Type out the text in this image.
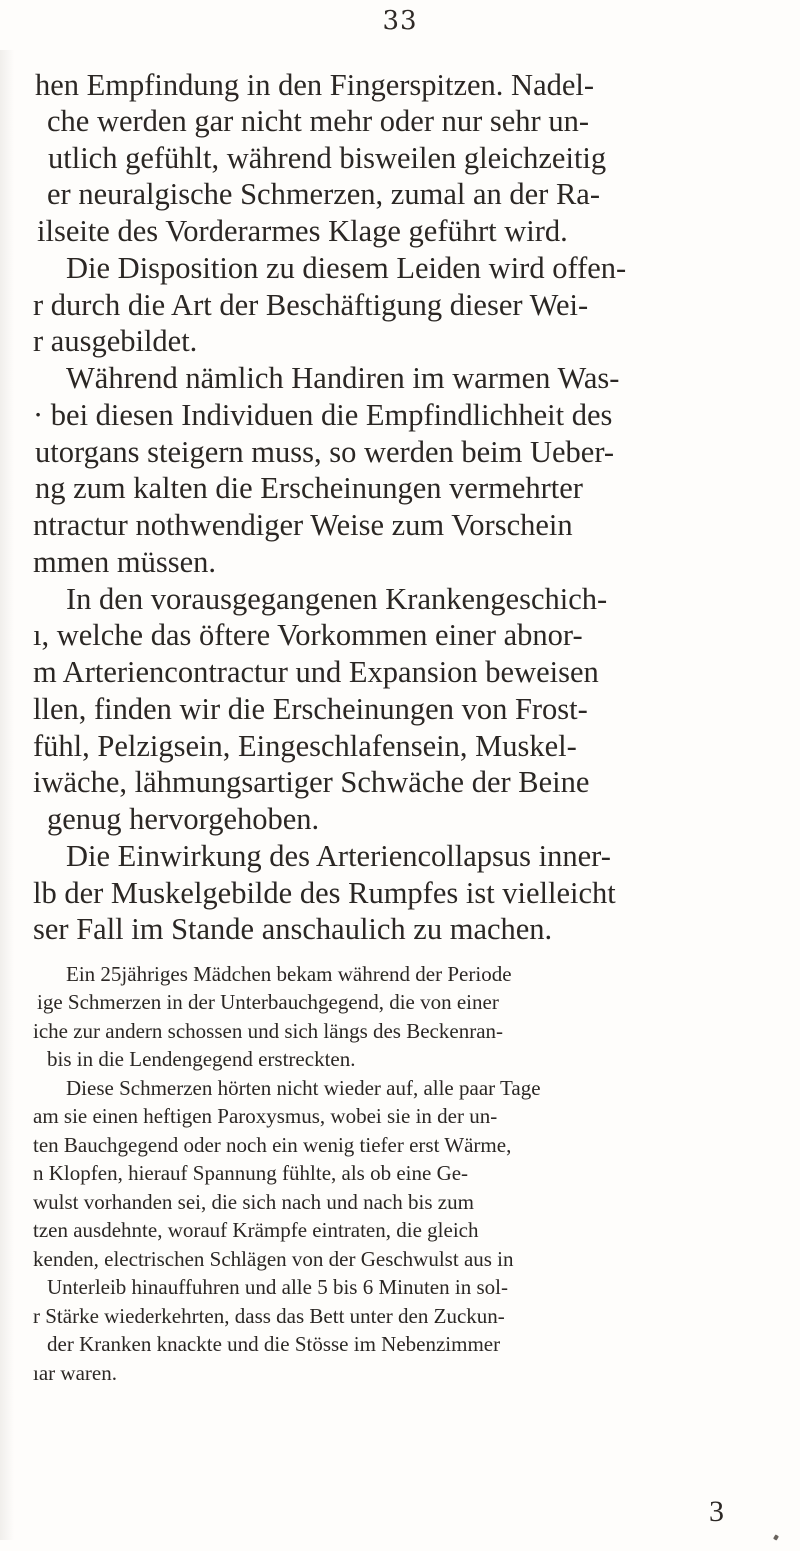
33
hen Empfindung in den Fingerspitzen. Nadel-
che werden gar nicht mehr oder nur sehr un-
utlich gefühlt, während bisweilen gleichzeitig
er neuralgische Schmerzen, zumal an der Ra-
ilseite des Vorderarmes Klage geführt wird.
Die Disposition zu diesem Leiden wird offen-
r durch die Art der Beschäftigung dieser Wei-
r ausgebildet.
Während nämlich Handiren im warmen Was-
· bei diesen Individuen die Empfindlichheit des
utorgans steigern muss, so werden beim Ueber-
ng zum kalten die Erscheinungen vermehrter
ntractur nothwendiger Weise zum Vorschein
mmen müssen.
In den vorausgegangenen Krankengeschich-
ı, welche das öftere Vorkommen einer abnor-
m Arteriencontractur und Expansion beweisen
llen, finden wir die Erscheinungen von Frost-
fühl, Pelzigsein, Eingeschlafensein, Muskel-
iwäche, lähmungsartiger Schwäche der Beine
genug hervorgehoben.
Die Einwirkung des Arteriencollapsus inner-
lb der Muskelgebilde des Rumpfes ist vielleicht
ser Fall im Stande anschaulich zu machen.
Ein 25jähriges Mädchen bekam während der Periode
ige Schmerzen in der Unterbauchgegend, die von einer
iche zur andern schossen und sich längs des Beckenran-
bis in die Lendengegend erstreckten.
Diese Schmerzen hörten nicht wieder auf, alle paar Tage
am sie einen heftigen Paroxysmus, wobei sie in der un-
ten Bauchgegend oder noch ein wenig tiefer erst Wärme,
n Klopfen, hierauf Spannung fühlte, als ob eine Ge-
wulst vorhanden sei, die sich nach und nach bis zum
tzen ausdehnte, worauf Krämpfe eintraten, die gleich
kenden, electrischen Schlägen von der Geschwulst aus in
Unterleib hinauffuhren und alle 5 bis 6 Minuten in sol-
r Stärke wiederkehrten, dass das Bett unter den Zuckun-
der Kranken knackte und die Stösse im Nebenzimmer
ıar waren.
3
